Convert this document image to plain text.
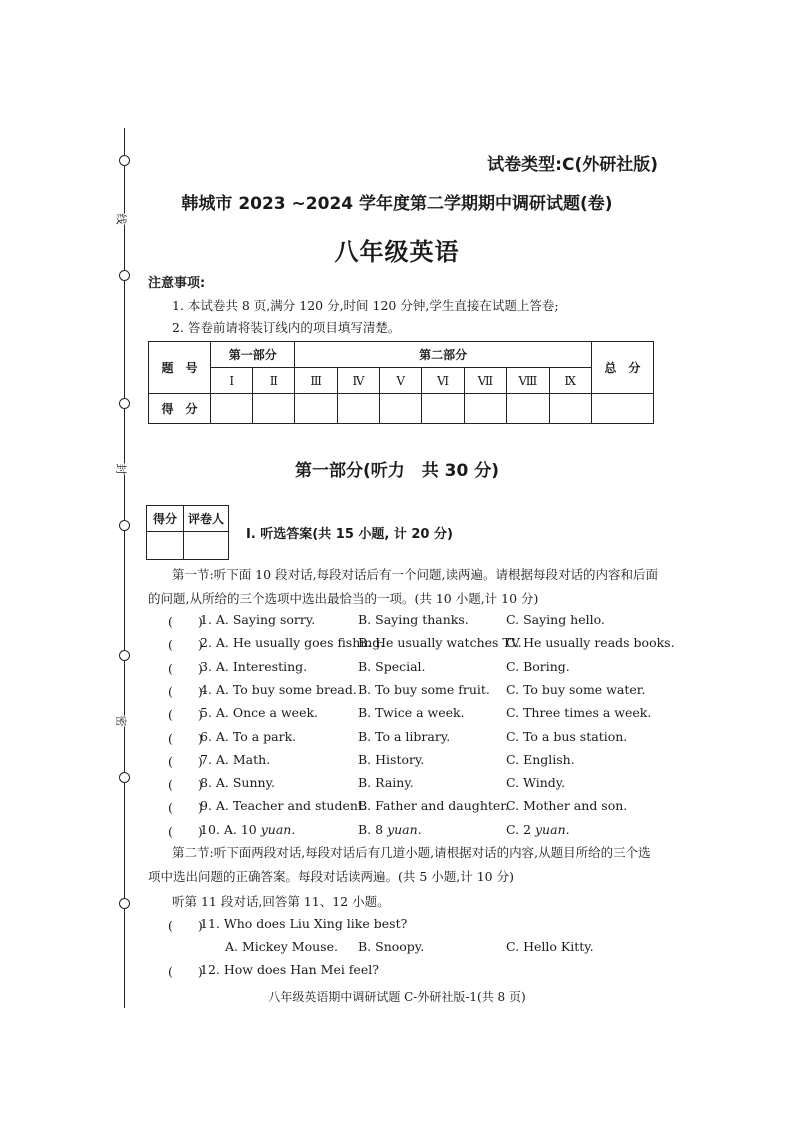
线
封
密
试卷类型:C(外研社版)
韩城市 2023 ~2024 学年度第二学期期中调研试题(卷)
八年级英语
注意事项:
1. 本试卷共 8 页,满分 120 分,时间 120 分钟,学生直接在试题上答卷;
2. 答卷前请将装订线内的项目填写清楚。
题　号	第一部分		第二部分							总　分
	Ⅰ	Ⅱ	Ⅲ	Ⅳ	Ⅴ	Ⅵ	Ⅶ	Ⅷ	Ⅸ	
得　分										
第一部分(听力　共 30 分)
得分	评卷人

Ⅰ. 听选答案(共 15 小题, 计 20 分)
第一节:听下面 10 段对话,每段对话后有一个问题,读两遍。请根据每段对话的内容和后面
的问题,从所给的三个选项中选出最恰当的一项。(共 10 小题,计 10 分)
(　　)
1. A. Saying sorry.	B. Saying thanks.	C. Saying hello.
(　　)
2. A. He usually goes fishing.
B. He usually watches TV.
C. He usually reads books.
(　　)
3. A. Interesting.	B. Special.	C. Boring.
(　　)
4. A. To buy some bread. B. To buy some fruit. C. To buy some water.
(　　)
5. A. Once a week.	B. Twice a week.	C. Three times a week.
(　　)
6. A. To a park.	B. To a library.	C. To a bus station.
(　　)
7. A. Math.	B. History.	C. English.
(　　)
8. A. Sunny.	B. Rainy.	C. Windy.
(　　)
9. A. Teacher and student.
B. Father and daughter.
C. Mother and son.
(　　)
10. A. 10 yuan.	B. 8 yuan.	C. 2 yuan.
第二节:听下面两段对话,每段对话后有几道小题,请根据对话的内容,从题目所给的三个选
项中选出问题的正确答案。每段对话读两遍。(共 5 小题,计 10 分)
听第 11 段对话,回答第 11、12 小题。
(　　)
11. Who does Liu Xing like best?
A. Mickey Mouse. B. Snoopy.	C. Hello Kitty.
(　　)
12. How does Han Mei feel?
八年级英语期中调研试题 C-外研社版-1(共 8 页)
